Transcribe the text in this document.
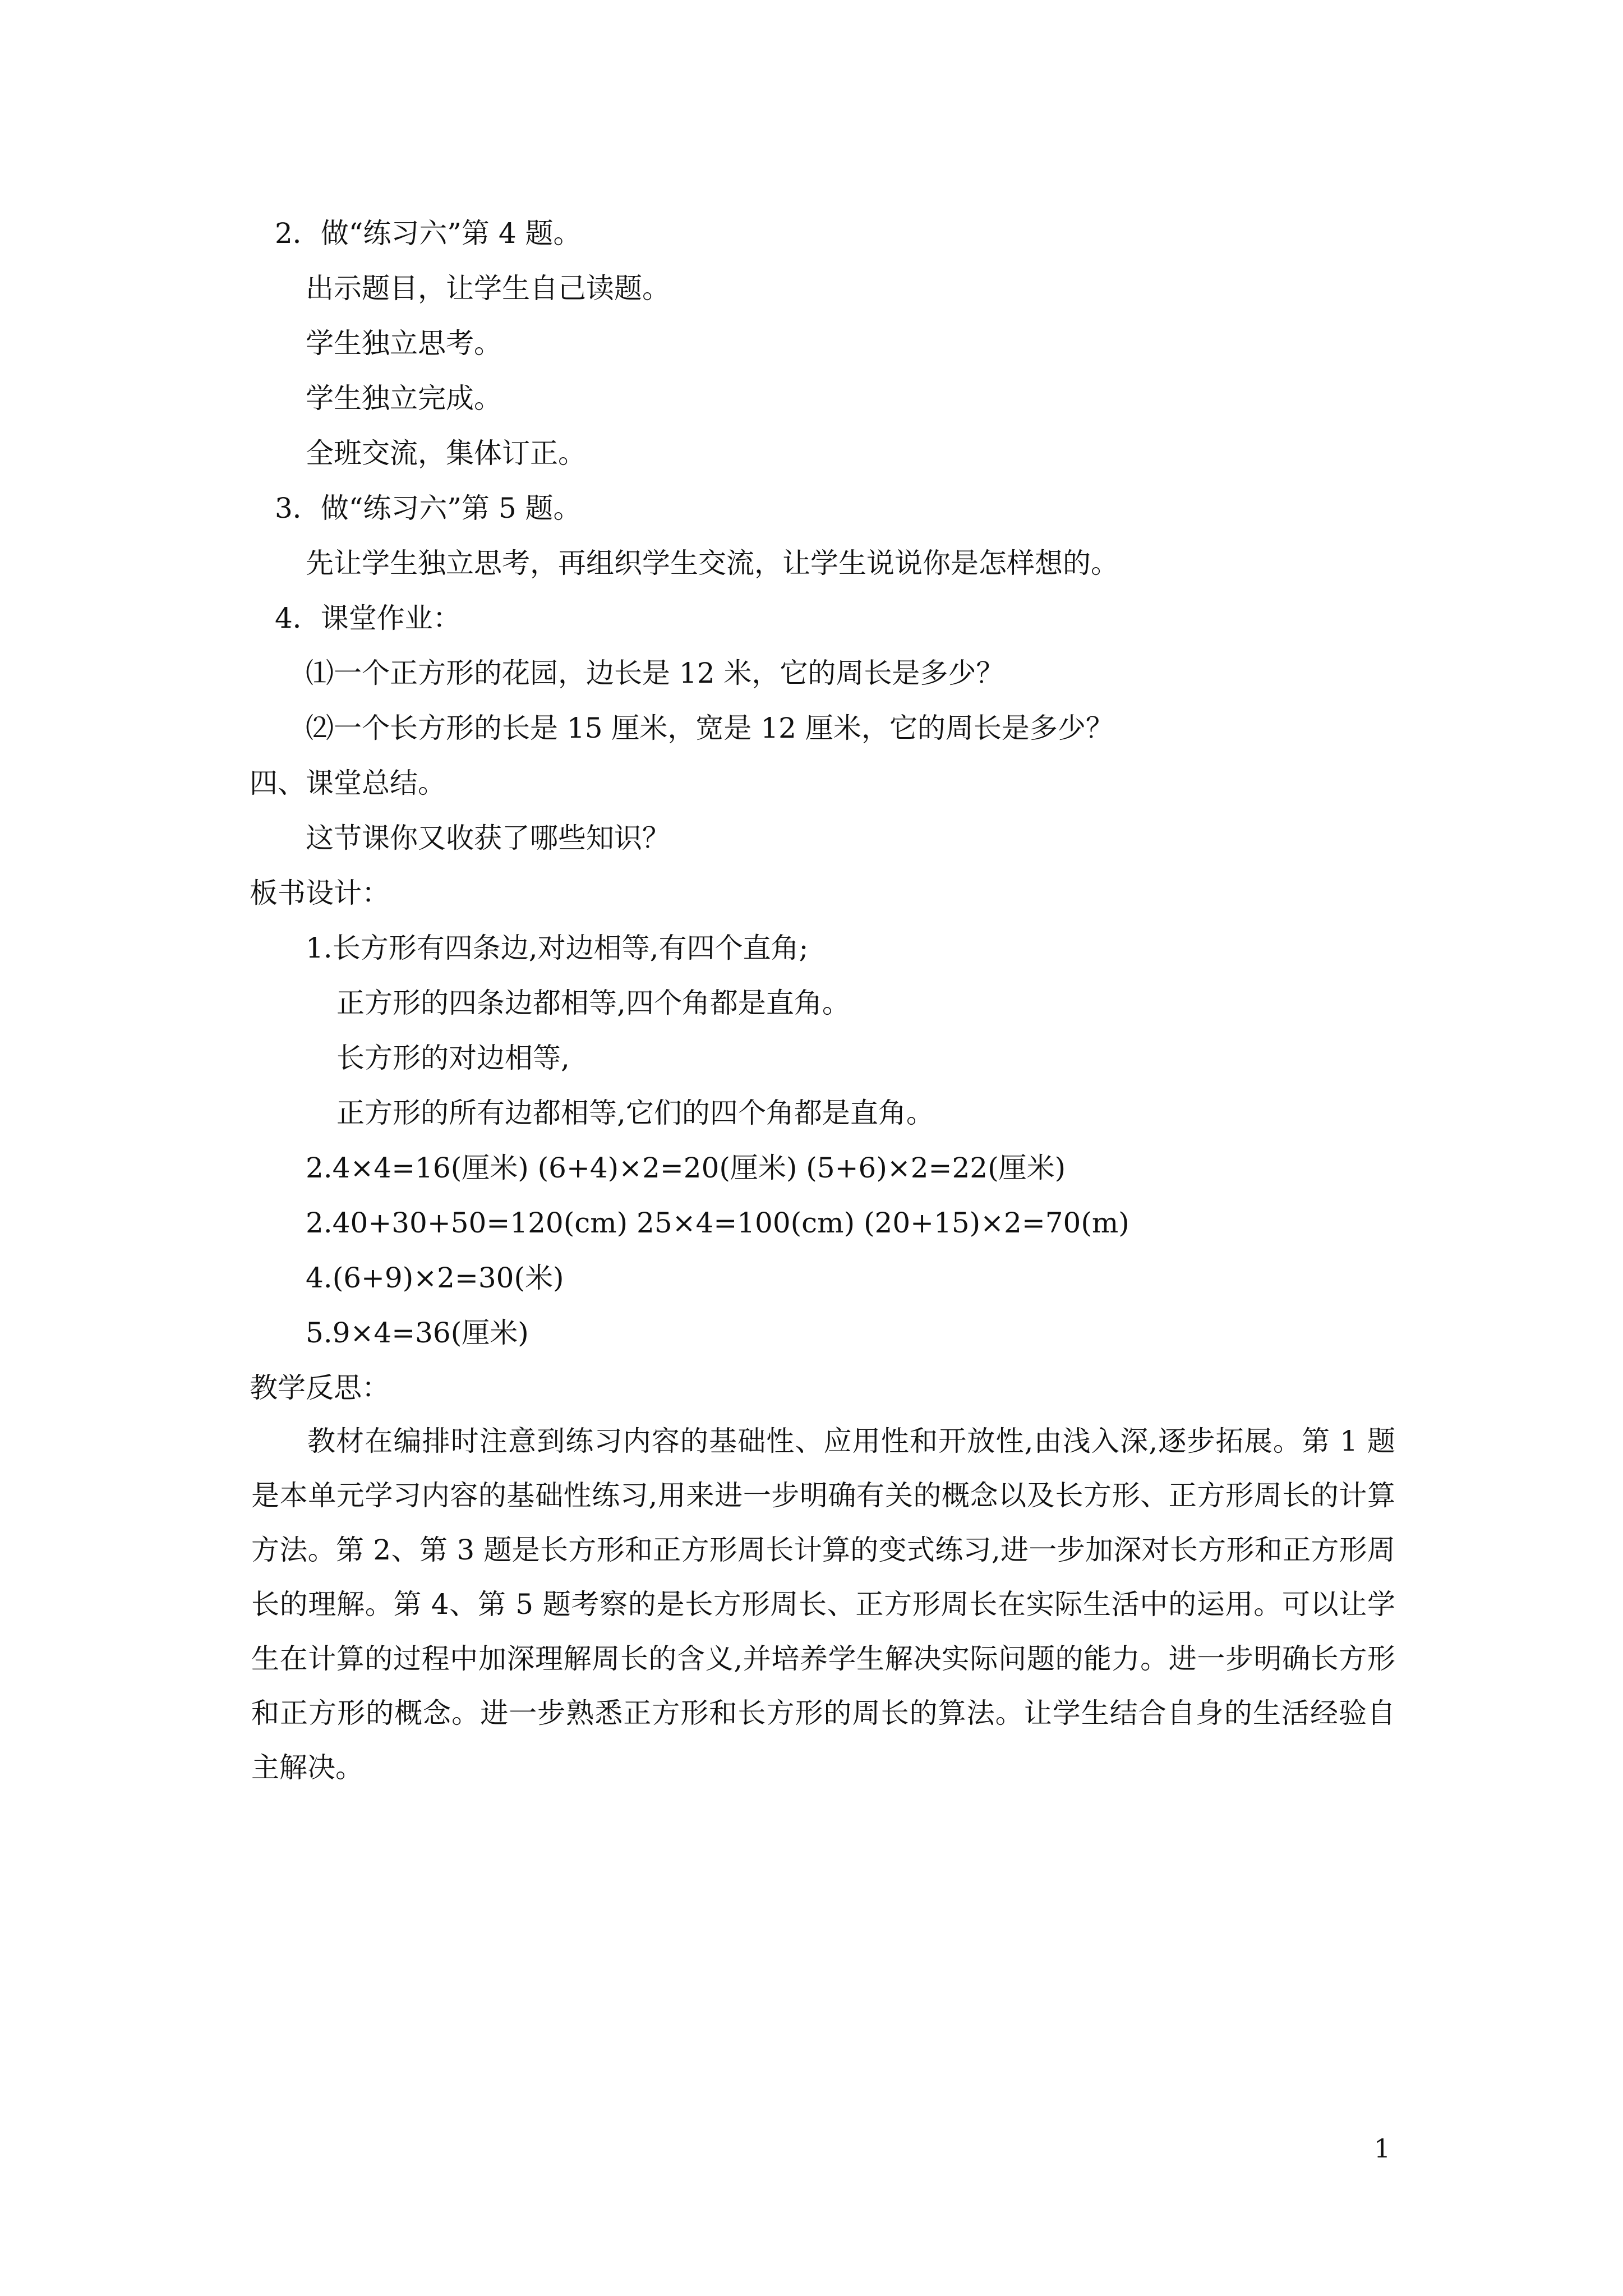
2．做“练习六”第 4 题。
出示题目，让学生自己读题。
学生独立思考。
学生独立完成。
全班交流，集体订正。
3．做“练习六”第 5 题。
先让学生独立思考，再组织学生交流，让学生说说你是怎样想的。
4．课堂作业：
⑴一个正方形的花园，边长是 12 米，它的周长是多少？
⑵一个长方形的长是 15 厘米，宽是 12 厘米，它的周长是多少？
四、课堂总结。
这节课你又收获了哪些知识？
板书设计：
1.长方形有四条边,对边相等,有四个直角;
正方形的四条边都相等,四个角都是直角。
长方形的对边相等,
正方形的所有边都相等,它们的四个角都是直角。
2.4×4=16(厘米) (6+4)×2=20(厘米) (5+6)×2=22(厘米)
2.40+30+50=120(cm) 25×4=100(cm) (20+15)×2=70(m)
4.(6+9)×2=30(米)
5.9×4=36(厘米)
教学反思：
教材在编排时注意到练习内容的基础性、应用性和开放性,由浅入深,逐步拓展。第 1 题是本单元学习内容的基础性练习,用来进一步明确有关的概念以及长方形、正方形周长的计算方法。第 2、第 3 题是长方形和正方形周长计算的变式练习,进一步加深对长方形和正方形周长的理解。第 4、第 5 题考察的是长方形周长、正方形周长在实际生活中的运用。可以让学生在计算的过程中加深理解周长的含义,并培养学生解决实际问题的能力。进一步明确长方形和正方形的概念。进一步熟悉正方形和长方形的周长的算法。让学生结合自身的生活经验自主解决。
1
